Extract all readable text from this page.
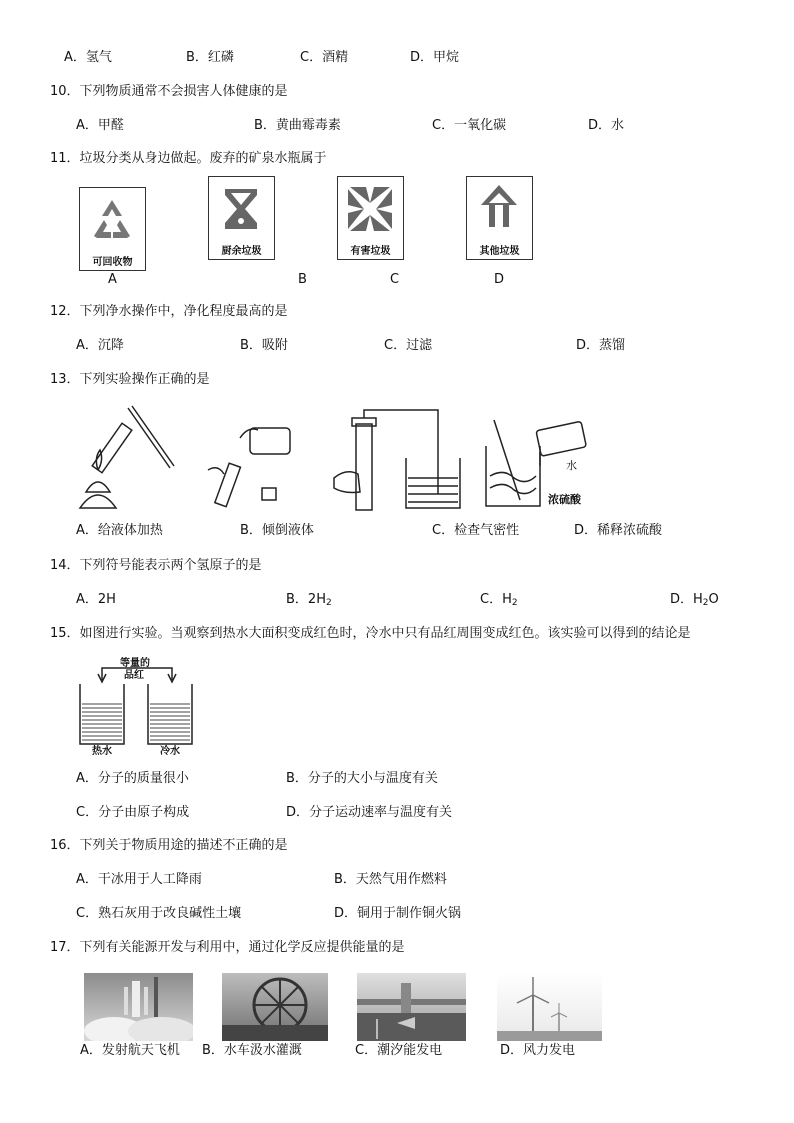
A．氢气	B．红磷	C．酒精	D．甲烷
10．下列物质通常不会损害人体健康的是
A．甲醛	B．黄曲霉毒素	C．一氧化碳	D．水
11．垃圾分类从身边做起。废弃的矿泉水瓶属于
可回收物
厨余垃圾	有害垃圾	其他垃圾
A	B	C	D
12．下列净水操作中，净化程度最高的是
A．沉降	B．吸附	C．过滤	D．蒸馏
13．下列实验操作正确的是
水
浓硫酸
A．给液体加热	B．倾倒液体	C．检查气密性	D．稀释浓硫酸
14．下列符号能表示两个氢原子的是
A．2H	B．$2H_2$	C．$H_2$	D．$H_2O$
15．如图进行实验。当观察到热水大面积变成红色时，冷水中只有品红周围变成红色。该实验可以得到的结论是
等量的
品红
热水	冷水
A．分子的质量很小	B．分子的大小与温度有关
C．分子由原子构成	D．分子运动速率与温度有关
16．下列关于物质用途的描述不正确的是
A．干冰用于人工降雨	B．天然气用作燃料
C．熟石灰用于改良碱性土壤	D．铜用于制作铜火锅
17．下列有关能源开发与利用中，通过化学反应提供能量的是
A．发射航天飞机 B．水车汲水灌溉	C．潮汐能发电	D．风力发电
